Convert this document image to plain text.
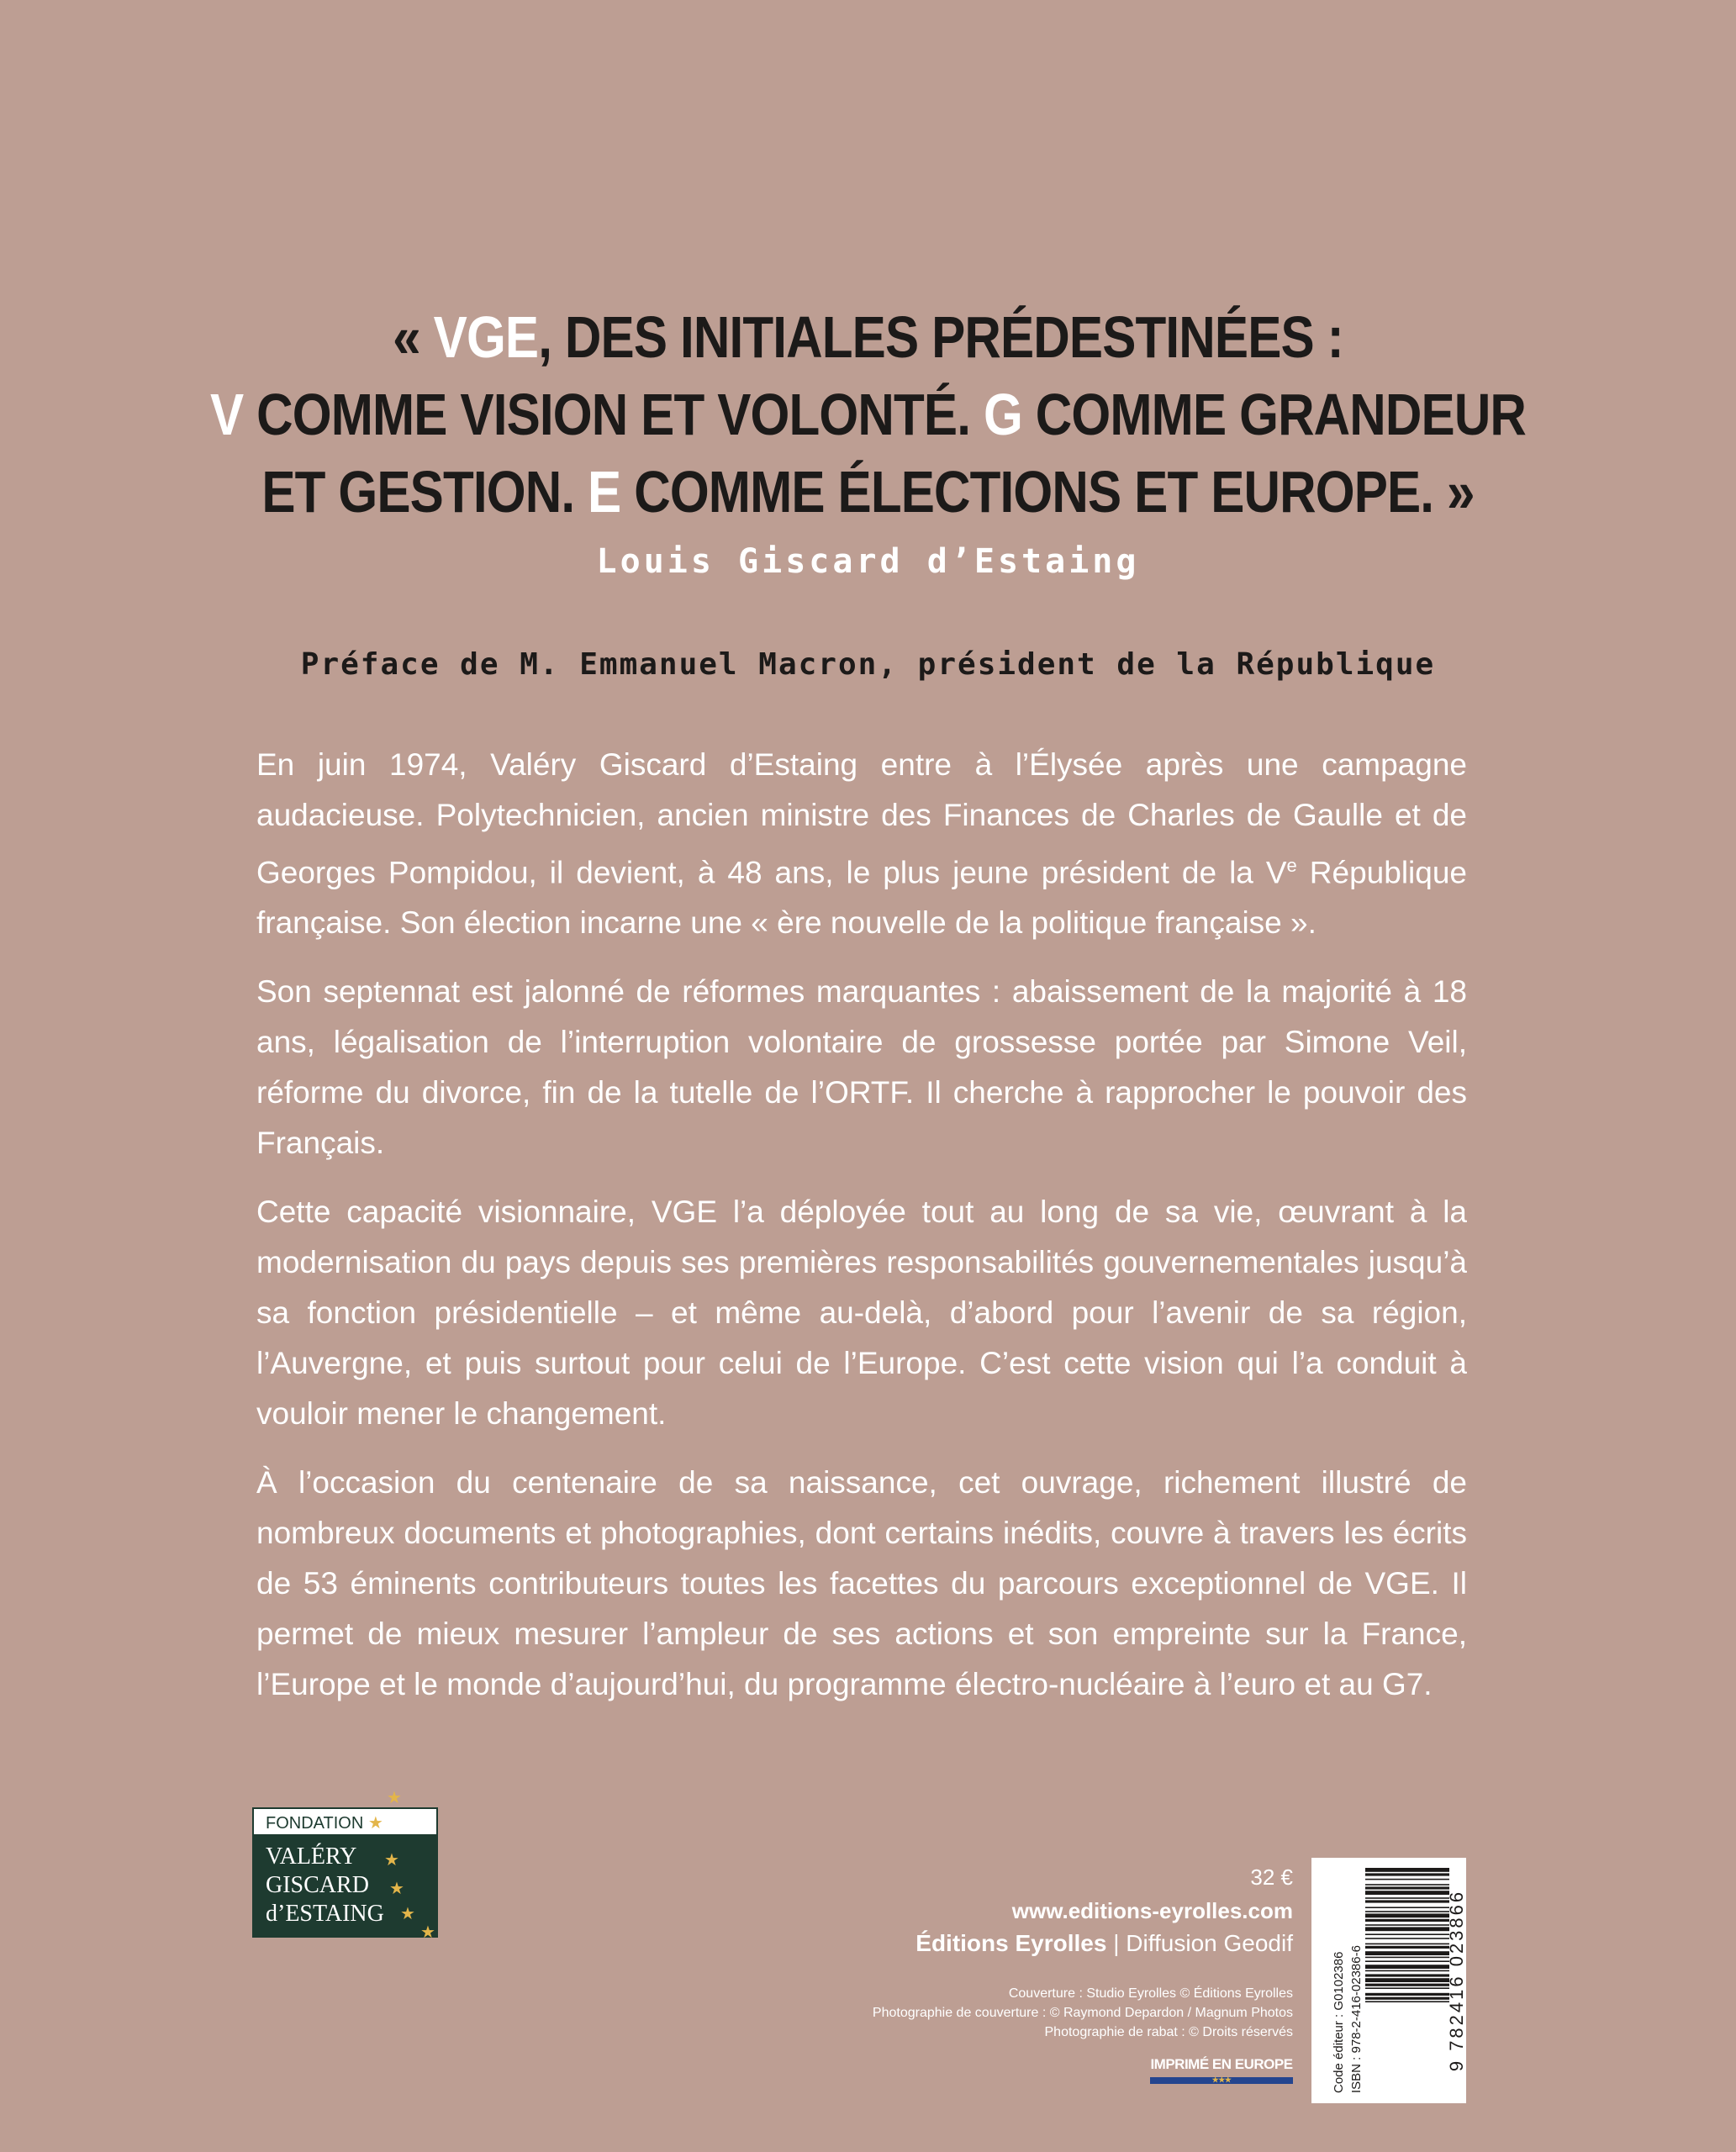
« VGE, DES INITIALES PRÉDESTINÉES :
V COMME VISION ET VOLONTÉ. G COMME GRANDEUR
ET GESTION. E COMME ÉLECTIONS ET EUROPE. »
Louis Giscard d’Estaing
Préface de M. Emmanuel Macron, président de la République

En juin 1974, Valéry Giscard d’Estaing entre à l’Élysée après une campagne audacieuse. Polytechnicien, ancien ministre des Finances de Charles de Gaulle et de Georges Pompidou, il devient, à 48 ans, le plus jeune président de la Ve République française. Son élection incarne une « ère nouvelle de la politique française ».

Son septennat est jalonné de réformes marquantes : abaissement de la majorité à 18 ans, légalisation de l’interruption volontaire de grossesse portée par Simone Veil, réforme du divorce, fin de la tutelle de l’ORTF. Il cherche à rapprocher le pouvoir des Français.

Cette capacité visionnaire, VGE l’a déployée tout au long de sa vie, œuvrant à la modernisation du pays depuis ses premières responsabilités gouvernementales jusqu’à sa fonction présidentielle – et même au-delà, d’abord pour l’avenir de sa région, l’Auvergne, et puis surtout pour celui de l’Europe. C’est cette vision qui l’a conduit à vouloir mener le changement.

À l’occasion du centenaire de sa naissance, cet ouvrage, richement illustré de nombreux documents et photographies, dont certains inédits, couvre à travers les écrits de 53 éminents contributeurs toutes les facettes du parcours exceptionnel de VGE. Il permet de mieux mesurer l’ampleur de ses actions et son empreinte sur la France, l’Europe et le monde d’aujourd’hui, du programme électro-nucléaire à l’euro et au G7.

FONDATION ★
VALÉRY
GISCARD
d’ESTAING
★
★
★
★
★
32 €
www.editions-eyrolles.com
Éditions Eyrolles | Diffusion Geodif
Couverture : Studio Eyrolles © Éditions Eyrolles
Photographie de couverture : © Raymond Depardon / Magnum Photos
Photographie de rabat : © Droits réservés
IMPRIMÉ EN EUROPE
★★★	Code éditeur : G0102386 ISBN : 978-2-416-02386-6	9 782416 023866
